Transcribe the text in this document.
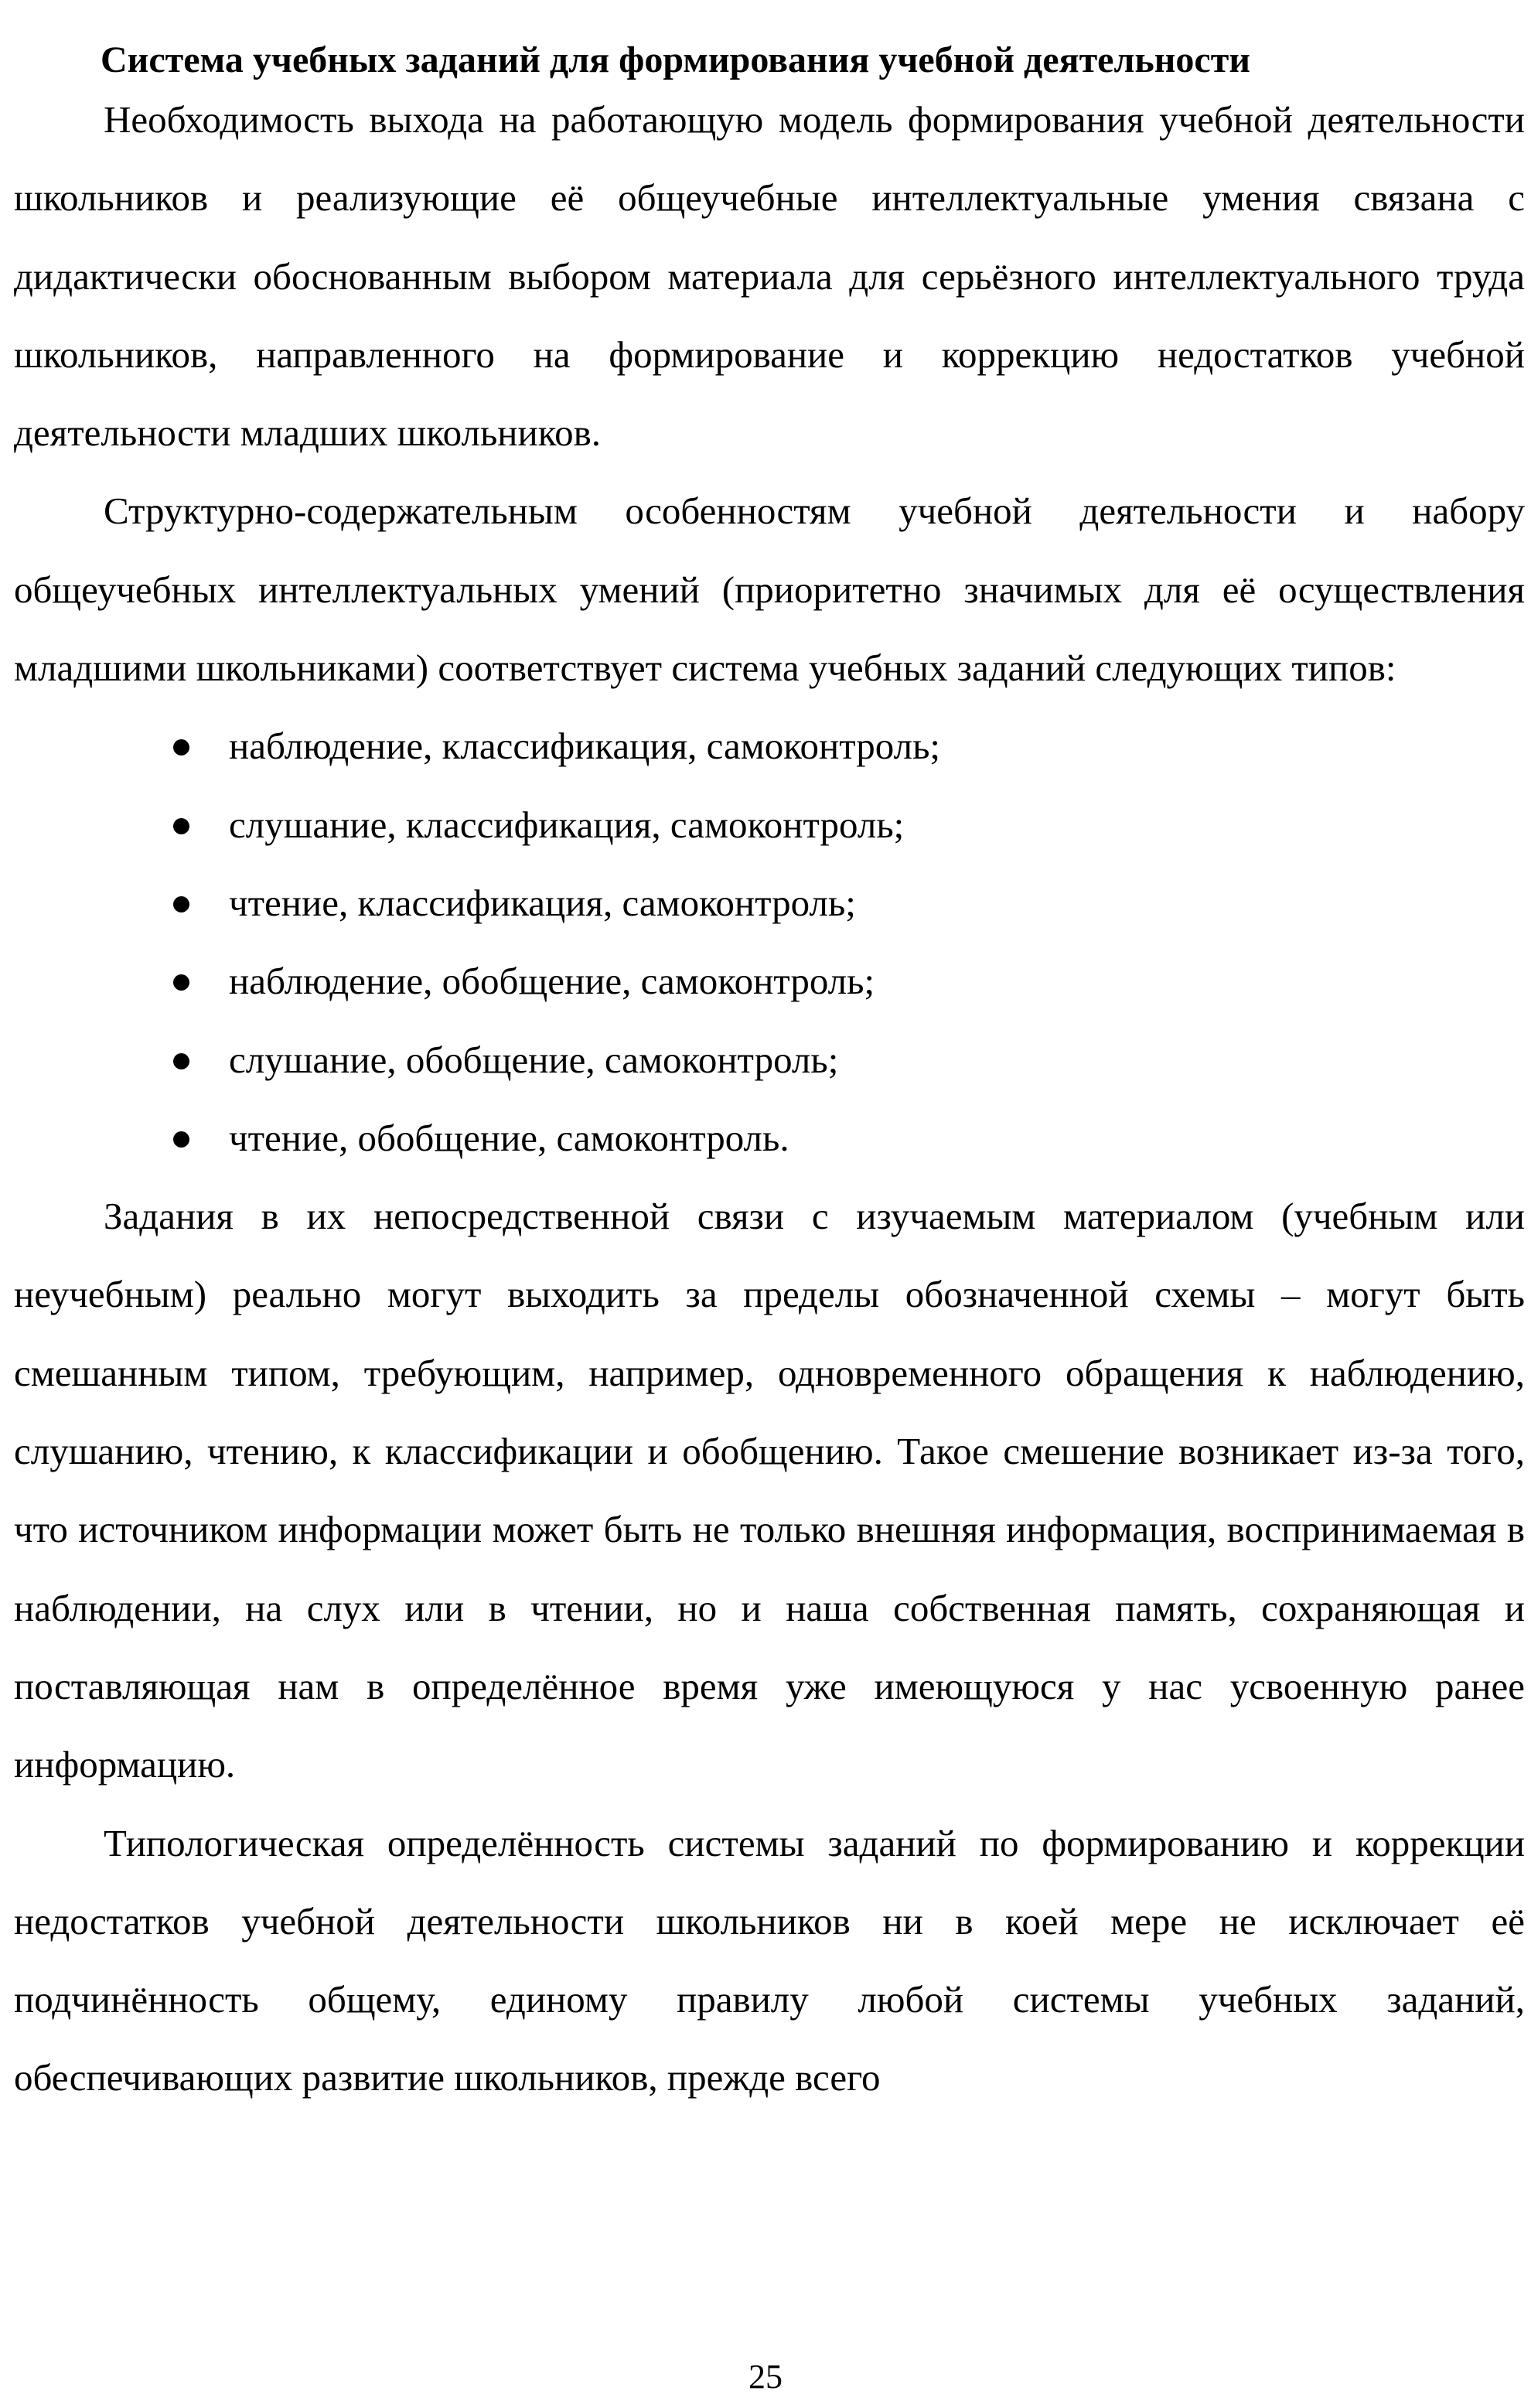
Система учебных заданий для формирования учебной деятельности

Необходимость выхода на работающую модель формирования учебной деятельности школьников и реализующие её общеучебные интеллектуальные умения связана с дидактически обоснованным выбором материала для серьёзного интеллектуального труда школьников, направленного на формирование и коррекцию недостатков учебной деятельности младших школьников.

Структурно-содержательным особенностям учебной деятельности и набору общеучебных интеллектуальных умений (приоритетно значимых для её осуществления младшими школьниками) соответствует система учебных заданий следующих типов:

наблюдение, классификация, самоконтроль;
слушание, классификация, самоконтроль;
чтение, классификация, самоконтроль;
наблюдение, обобщение, самоконтроль;
слушание, обобщение, самоконтроль;
чтение, обобщение, самоконтроль.

Задания в их непосредственной связи с изучаемым материалом (учебным или неучебным) реально могут выходить за пределы обозначенной схемы – могут быть смешанным типом, требующим, например, одновременного обращения к наблюдению, слушанию, чтению, к классификации и обобщению. Такое смешение возникает из-за того, что источником информации может быть не только внешняя информация, воспринимаемая в наблюдении, на слух или в чтении, но и наша собственная память, сохраняющая и поставляющая нам в определённое время уже имеющуюся у нас усвоенную ранее информацию.

Типологическая определённость системы заданий по формированию и коррекции недостатков учебной деятельности школьников ни в коей мере не исключает её подчинённость общему, единому правилу любой системы учебных заданий, обеспечивающих развитие школьников, прежде всего

25
